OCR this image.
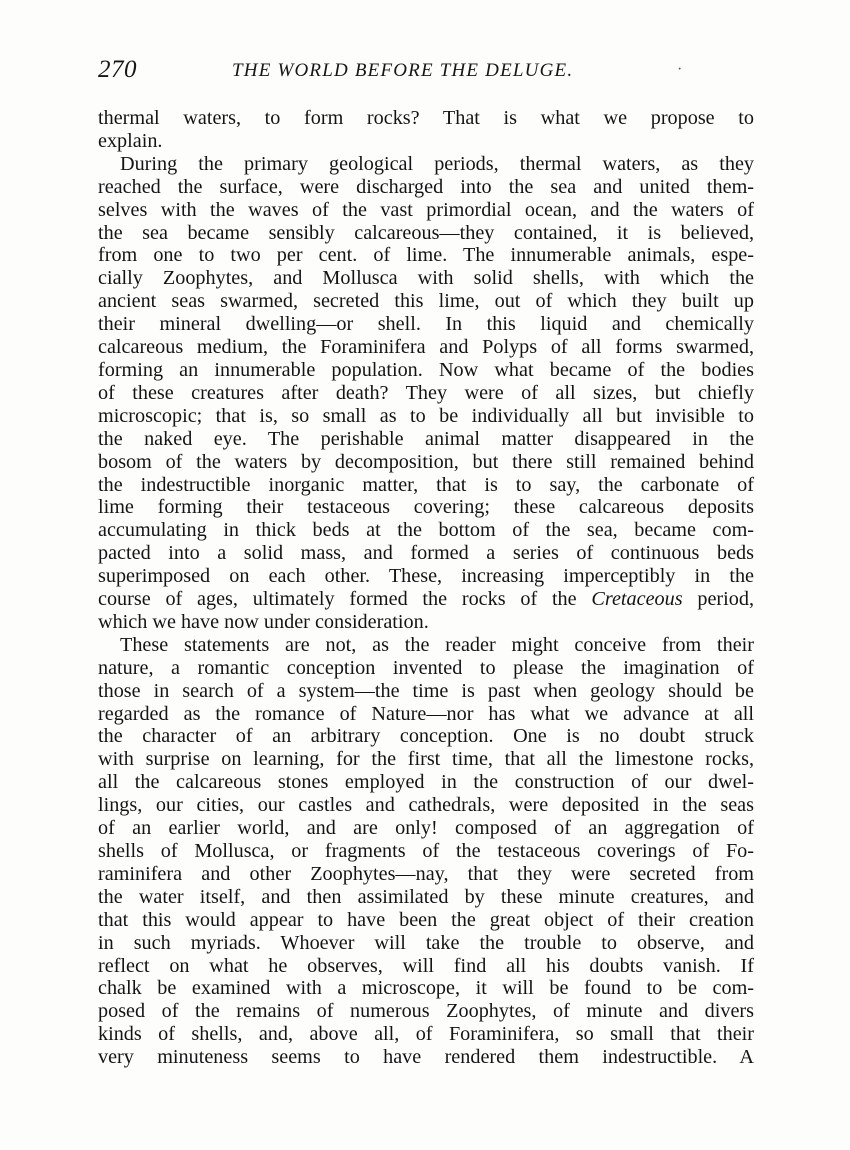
270	THE WORLD BEFORE THE DELUGE.	·
thermal waters, to form rocks? That is what we propose to
explain.
During the primary geological periods, thermal waters, as they
reached the surface, were discharged into the sea and united them-
selves with the waves of the vast primordial ocean, and the waters of
the sea became sensibly calcareous—they contained, it is believed,
from one to two per cent. of lime. The innumerable animals, espe-
cially Zoophytes, and Mollusca with solid shells, with which the
ancient seas swarmed, secreted this lime, out of which they built up
their mineral dwelling—or shell. In this liquid and chemically
calcareous medium, the Foraminifera and Polyps of all forms swarmed,
forming an innumerable population. Now what became of the bodies
of these creatures after death? They were of all sizes, but chiefly
microscopic; that is, so small as to be individually all but invisible to
the naked eye. The perishable animal matter disappeared in the
bosom of the waters by decomposition, but there still remained behind
the indestructible inorganic matter, that is to say, the carbonate of
lime forming their testaceous covering; these calcareous deposits
accumulating in thick beds at the bottom of the sea, became com-
pacted into a solid mass, and formed a series of continuous beds
superimposed on each other. These, increasing imperceptibly in the
course of ages, ultimately formed the rocks of the Cretaceous period,
which we have now under consideration.
These statements are not, as the reader might conceive from their
nature, a romantic conception invented to please the imagination of
those in search of a system—the time is past when geology should be
regarded as the romance of Nature—nor has what we advance at all
the character of an arbitrary conception. One is no doubt struck
with surprise on learning, for the first time, that all the limestone rocks,
all the calcareous stones employed in the construction of our dwel-
lings, our cities, our castles and cathedrals, were deposited in the seas
of an earlier world, and are only! composed of an aggregation of
shells of Mollusca, or fragments of the testaceous coverings of Fo-
raminifera and other Zoophytes—nay, that they were secreted from
the water itself, and then assimilated by these minute creatures, and
that this would appear to have been the great object of their creation
in such myriads. Whoever will take the trouble to observe, and
reflect on what he observes, will find all his doubts vanish. If
chalk be examined with a microscope, it will be found to be com-
posed of the remains of numerous Zoophytes, of minute and divers
kinds of shells, and, above all, of Foraminifera, so small that their
very minuteness seems to have rendered them indestructible. A
